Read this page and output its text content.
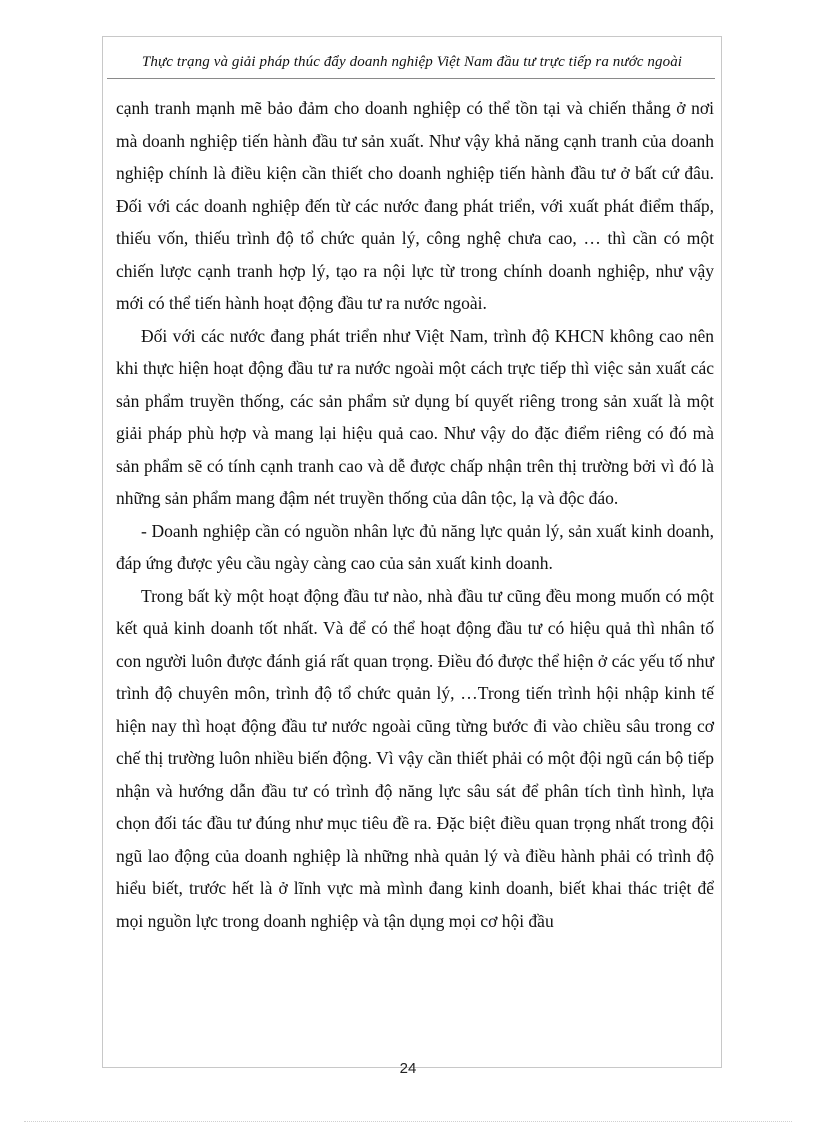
Thực trạng và giải pháp thúc đẩy doanh nghiệp Việt Nam đầu tư trực tiếp ra nước ngoài

cạnh tranh mạnh mẽ bảo đảm cho doanh nghiệp có thể tồn tại và chiến thắng ở nơi mà doanh nghiệp tiến hành đầu tư sản xuất. Như vậy khả năng cạnh tranh của doanh nghiệp chính là điều kiện cần thiết cho doanh nghiệp tiến hành đầu tư ở bất cứ đâu. Đối với các doanh nghiệp đến từ các nước đang phát triển, với xuất phát điểm thấp, thiếu vốn, thiếu trình độ tổ chức quản lý, công nghệ chưa cao, … thì cần có một chiến lược cạnh tranh hợp lý, tạo ra nội lực từ trong chính doanh nghiệp, như vậy mới có thể tiến hành hoạt động đầu tư ra nước ngoài.

Đối với các nước đang phát triển như Việt Nam, trình độ KHCN không cao nên khi thực hiện hoạt động đầu tư ra nước ngoài một cách trực tiếp thì việc sản xuất các sản phẩm truyền thống, các sản phẩm sử dụng bí quyết riêng trong sản xuất là một giải pháp phù hợp và mang lại hiệu quả cao. Như vậy do đặc điểm riêng có đó mà sản phẩm sẽ có tính cạnh tranh cao và dễ được chấp nhận trên thị trường bởi vì đó là những sản phẩm mang đậm nét truyền thống của dân tộc, lạ và độc đáo.

- Doanh nghiệp cần có nguồn nhân lực đủ năng lực quản lý, sản xuất kinh doanh, đáp ứng được yêu cầu ngày càng cao của sản xuất kinh doanh.

Trong bất kỳ một hoạt động đầu tư nào, nhà đầu tư cũng đều mong muốn có một kết quả kinh doanh tốt nhất. Và để có thể hoạt động đầu tư có hiệu quả thì nhân tố con người luôn được đánh giá rất quan trọng. Điều đó được thể hiện ở các yếu tố như trình độ chuyên môn, trình độ tổ chức quản lý, …Trong tiến trình hội nhập kinh tế hiện nay thì hoạt động đầu tư nước ngoài cũng từng bước đi vào chiều sâu trong cơ chế thị trường luôn nhiều biến động. Vì vậy cần thiết phải có một đội ngũ cán bộ tiếp nhận và hướng dẫn đầu tư có trình độ năng lực sâu sát để phân tích tình hình, lựa chọn đối tác đầu tư đúng như mục tiêu đề ra. Đặc biệt điều quan trọng nhất trong đội ngũ lao động của doanh nghiệp là những nhà quản lý và điều hành phải có trình độ hiểu biết, trước hết là ở lĩnh vực mà mình đang kinh doanh, biết khai thác triệt để mọi nguồn lực trong doanh nghiệp và tận dụng mọi cơ hội đầu

24
